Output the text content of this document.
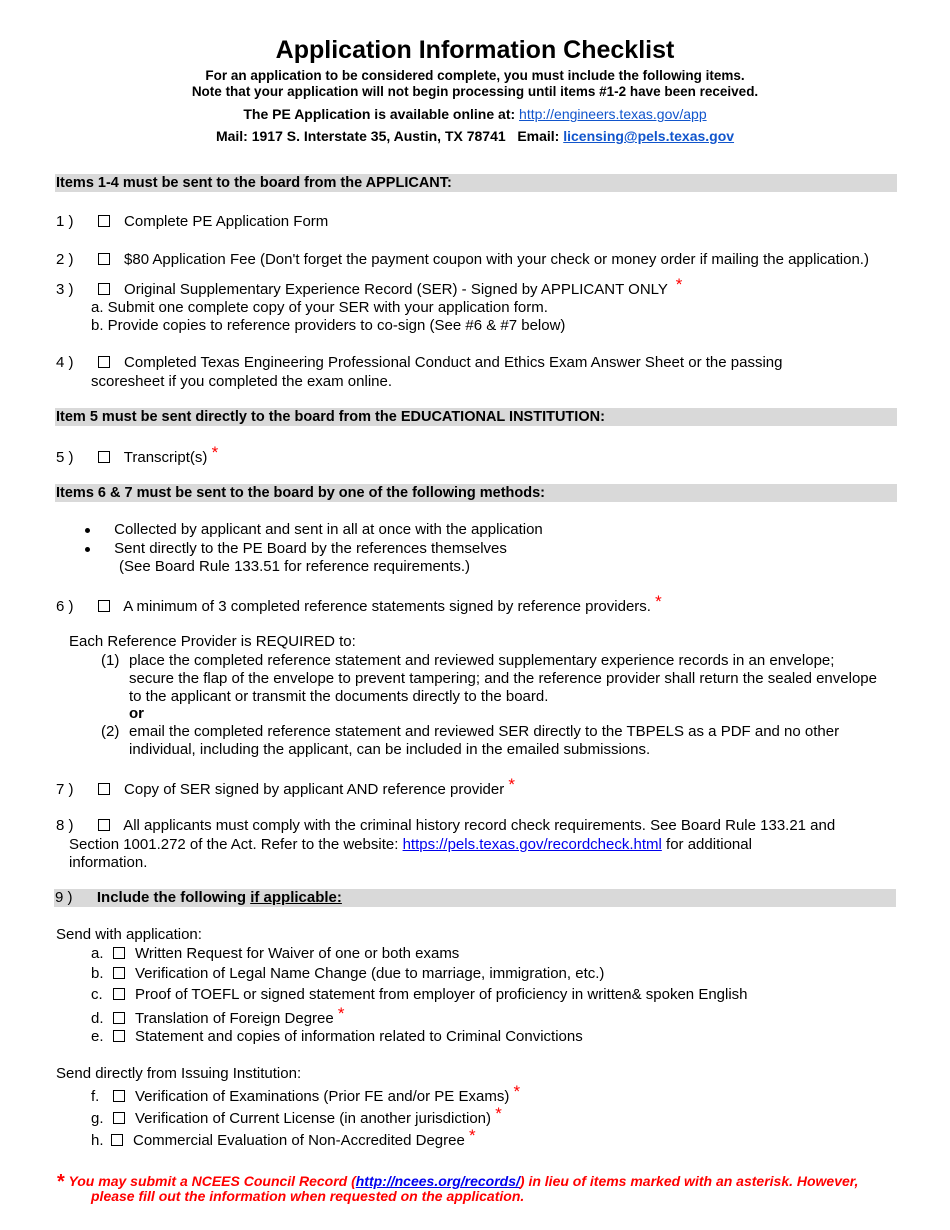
Application Information Checklist
For an application to be considered complete, you must include the following items.
Note that your application will not begin processing until items #1-2 have been received.
The PE Application is available online at: http://engineers.texas.gov/app
Mail: 1917 S. Interstate 35, Austin, TX 78741 Email: licensing@pels.texas.gov
Items 1-4 must be sent to the board from the APPLICANT:
1 )	Complete PE Application Form
2 )	$80 Application Fee (Don't forget the payment coupon with your check or money order if mailing the application.)
3 )	Original Supplementary Experience Record (SER) - Signed by APPLICANT ONLY *
a. Submit one complete copy of your SER with your application form.
b. Provide copies to reference providers to co-sign (See #6 & #7 below)
4 )	Completed Texas Engineering Professional Conduct and Ethics Exam Answer Sheet or the passing
scoresheet if you completed the exam online.
Item 5 must be sent directly to the board from the EDUCATIONAL INSTITUTION:
5 )	Transcript(s) *
Items 6 & 7 must be sent to the board by one of the following methods:
Collected by applicant and sent in all at once with the application
Sent directly to the PE Board by the references themselves
(See Board Rule 133.51 for reference requirements.)
6 )	A minimum of 3 completed reference statements signed by reference providers. *
Each Reference Provider is REQUIRED to:
(1) place the completed reference statement and reviewed supplementary experience records in an envelope;
secure the flap of the envelope to prevent tampering; and the reference provider shall return the sealed envelope
to the applicant or transmit the documents directly to the board.
or
(2) email the completed reference statement and reviewed SER directly to the TBPELS as a PDF and no other
individual, including the applicant, can be included in the emailed submissions.
7 )	Copy of SER signed by applicant AND reference provider *
8 )	All applicants must comply with the criminal history record check requirements. See Board Rule 133.21 and
Section 1001.272 of the Act. Refer to the website: https://pels.texas.gov/recordcheck.html for additional
information.
9 ) Include the following if applicable:
Send with application:
a. Written Request for Waiver of one or both exams
b. Verification of Legal Name Change (due to marriage, immigration, etc.)
c. Proof of TOEFL or signed statement from employer of proficiency in written& spoken English
d. Translation of Foreign Degree *
e. Statement and copies of information related to Criminal Convictions
Send directly from Issuing Institution:
f. Verification of Examinations (Prior FE and/or PE Exams) *
g. Verification of Current License (in another jurisdiction) *
h. Commercial Evaluation of Non-Accredited Degree *
* You may submit a NCEES Council Record (http://ncees.org/records/) in lieu of items marked with an asterisk. However,
please fill out the information when requested on the application.
